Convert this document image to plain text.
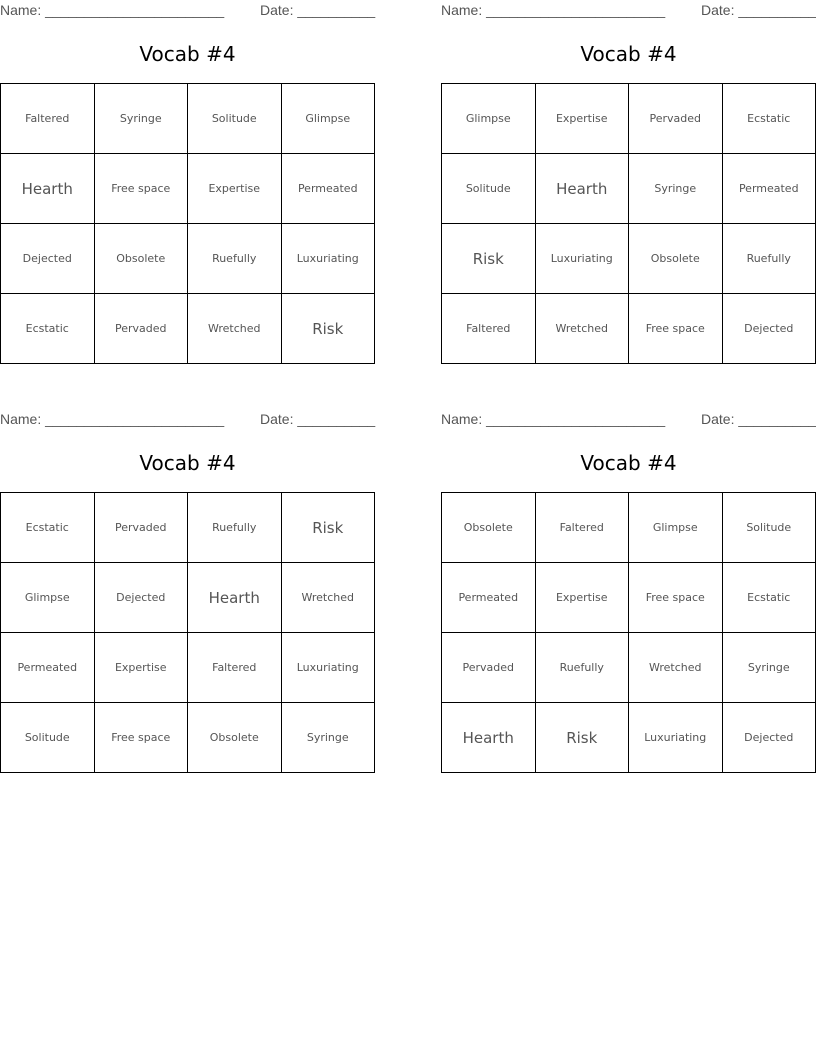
Name: _______________________	Date: __________
Vocab #4
Faltered	Syringe	Solitude	Glimpse
Hearth	Free space	Expertise	Permeated
Dejected	Obsolete	Ruefully	Luxuriating
Ecstatic	Pervaded	Wretched	Risk
Name: _______________________	Date: __________
Vocab #4
Glimpse	Expertise	Pervaded	Ecstatic
Solitude	Hearth	Syringe	Permeated
Risk	Luxuriating	Obsolete	Ruefully
Faltered	Wretched	Free space	Dejected
Name: _______________________	Date: __________
Vocab #4
Ecstatic	Pervaded	Ruefully	Risk
Glimpse	Dejected	Hearth	Wretched
Permeated	Expertise	Faltered	Luxuriating
Solitude	Free space	Obsolete	Syringe
Name: _______________________	Date: __________
Vocab #4
Obsolete	Faltered	Glimpse	Solitude
Permeated	Expertise	Free space	Ecstatic
Pervaded	Ruefully	Wretched	Syringe
Hearth	Risk	Luxuriating	Dejected
